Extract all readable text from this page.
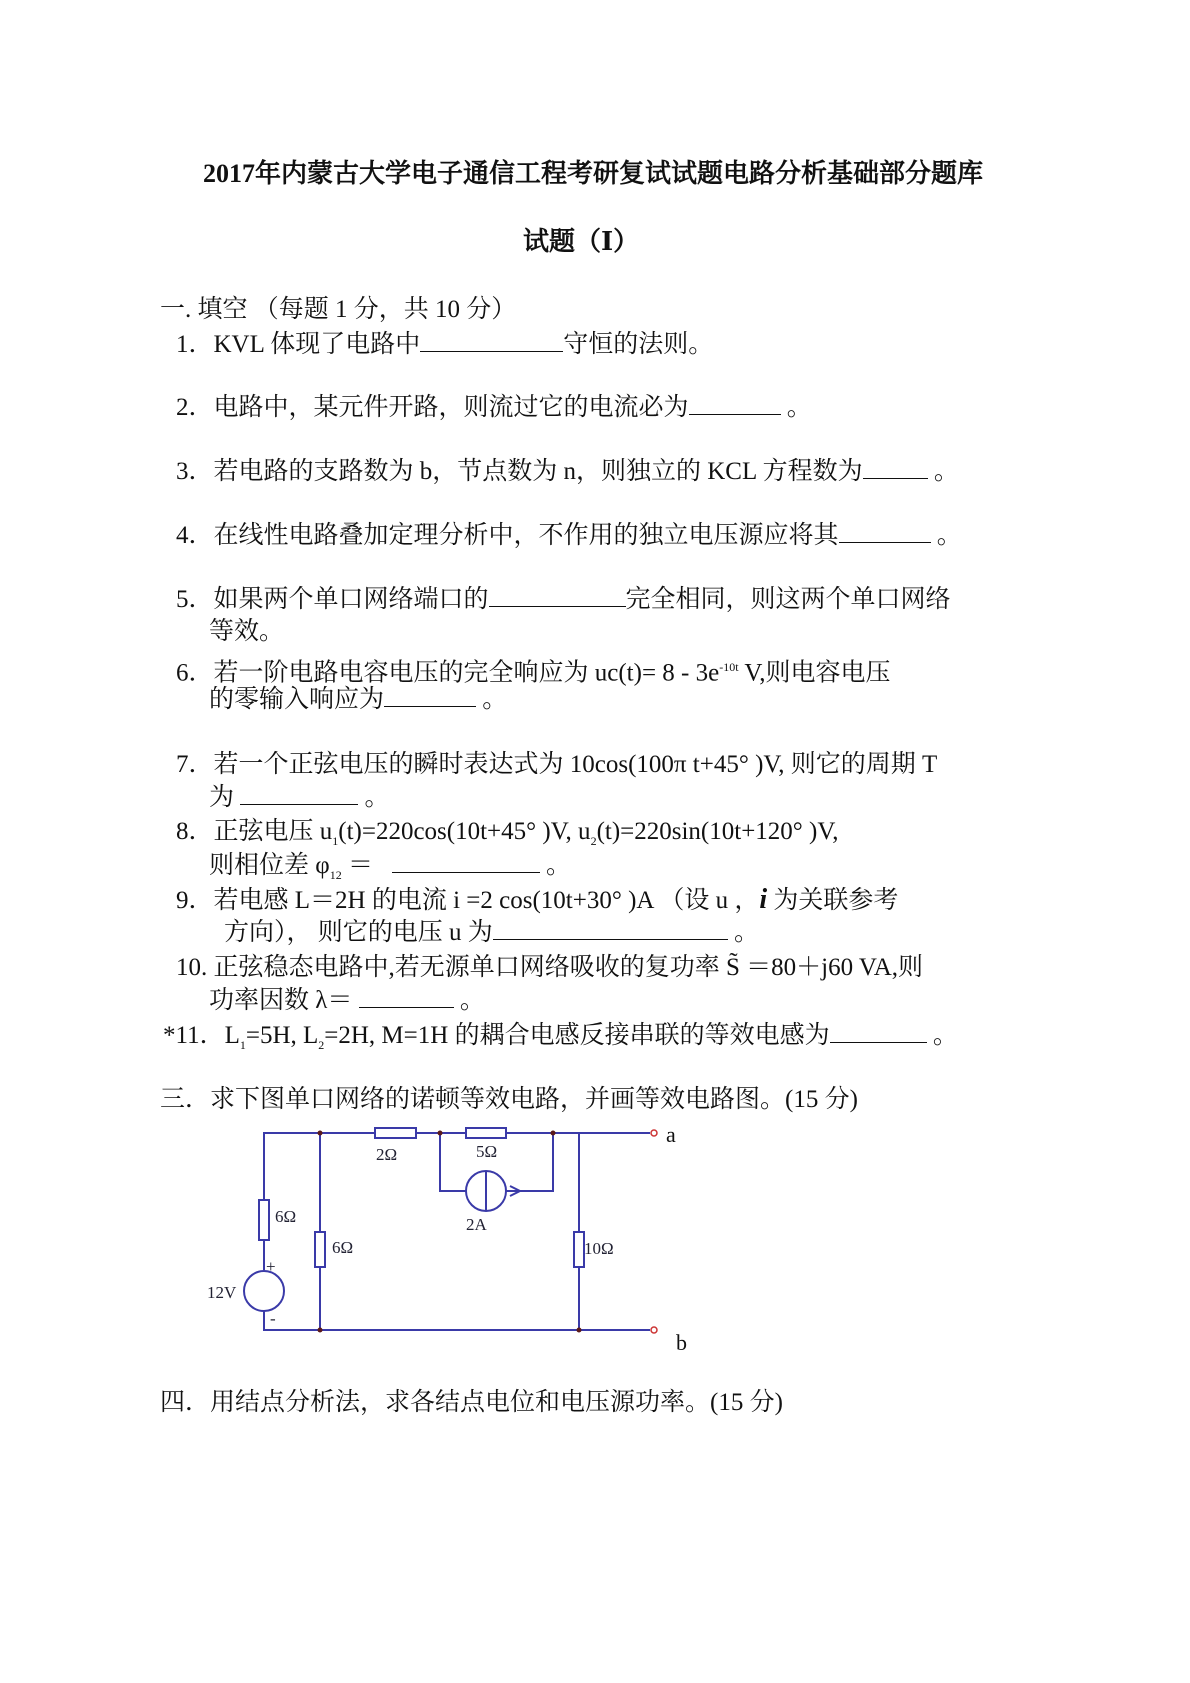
2017年内蒙古大学电子通信工程考研复试试题电路分析基础部分题库
试题（Ⅰ）
一. 填空 （每题 1 分，共 10 分）
1．KVL 体现了电路中	守恒的法则。
2．电路中，某元件开路，则流过它的电流必为	。
3．若电路的支路数为 b，节点数为 n，则独立的 KCL 方程数为	。
4．在线性电路叠加定理分析中，不作用的独立电压源应将其	。
5．如果两个单口网络端口的	完全相同，则这两个单口网络
等效。
6．若一阶电路电容电压的完全响应为 $uc(t)= 8 - 3e^{-10t}$ V,则电容电压
的零输入响应为	。
7．若一个正弦电压的瞬时表达式为 10cos(100π t+45° )V, 则它的周期 T
为	。
8．正弦电压 $u_1(t)=220\cos(10t+45^\circ$ )V, $u_2(t)=220\sin(10t+120^\circ$ )V,
则相位差 $\varphi_{12}$ ＝	。
9．若电感 L＝2H 的电流 i =2 cos(10t+30° )A （设 u ，i 为关联参考
方向）， 则它的电压 u 为	。
10. 正弦稳态电路中,若无源单口网络吸收的复功率 S̃ ＝80＋j60 VA,则
功率因数 λ＝	。
*11．$L_1=5H$, $L_2=2H$, M=1H 的耦合电感反接串联的等效电感为	。
三．求下图单口网络的诺顿等效电路，并画等效电路图。(15 分)
2Ω	5Ω
6Ω
6Ω
2A
10Ω
12V
+
-
a
b
四．用结点分析法，求各结点电位和电压源功率。(15 分)
